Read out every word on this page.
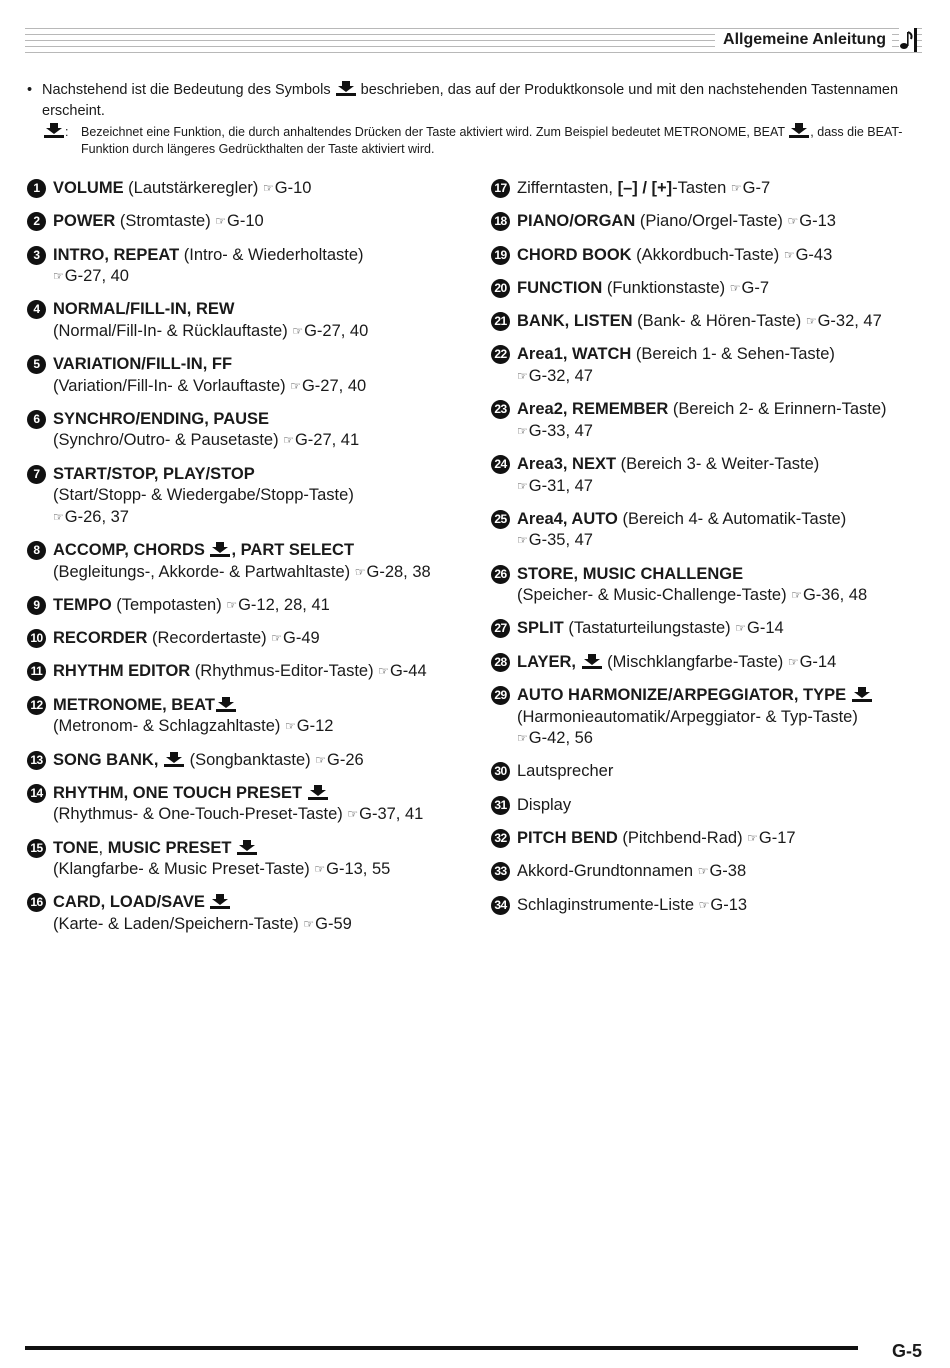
Allgemeine Anleitung
• Nachstehend ist die Bedeutung des Symbols beschrieben, das auf der Produktkonsole und mit den nachstehenden Tastennamen erscheint.
:	Bezeichnet eine Funktion, die durch anhaltendes Drücken der Taste aktiviert wird. Zum Beispiel bedeutet METRONOME, BEAT , dass die BEAT-Funktion durch längeres Gedrückthalten der Taste aktiviert wird.
1 VOLUME (Lautstärkeregler) ☞G-10
2 POWER (Stromtaste) ☞G-10
3 INTRO, REPEAT (Intro- & Wiederholtaste)
☞G-27, 40
4 NORMAL/FILL-IN, REW
(Normal/Fill-In- & Rücklauftaste) ☞G-27, 40
5 VARIATION/FILL-IN, FF
(Variation/Fill-In- & Vorlauftaste) ☞G-27, 40
6 SYNCHRO/ENDING, PAUSE
(Synchro/Outro- & Pausetaste) ☞G-27, 41
7 START/STOP, PLAY/STOP
(Start/Stopp- & Wiedergabe/Stopp-Taste)
☞G-26, 37
8 ACCOMP, CHORDS , PART SELECT
(Begleitungs-, Akkorde- & Partwahltaste) ☞G-28, 38
9 TEMPO (Tempotasten) ☞G-12, 28, 41
10 RECORDER (Recordertaste) ☞G-49
11 RHYTHM EDITOR (Rhythmus-Editor-Taste) ☞G-44
12 METRONOME, BEAT

(Metronom- & Schlagzahltaste) ☞G-12
13 SONG BANK,
(Songbanktaste) ☞G-26
14 RHYTHM, ONE TOUCH PRESET

(Rhythmus- & One-Touch-Preset-Taste) ☞G-37, 41
15 TONE, MUSIC PRESET

(Klangfarbe- & Music Preset-Taste) ☞G-13, 55
16 CARD, LOAD/SAVE

(Karte- & Laden/Speichern-Taste) ☞G-59
17 Zifferntasten, [–] / [+]-Tasten ☞G-7
18 PIANO/ORGAN (Piano/Orgel-Taste) ☞G-13
19 CHORD BOOK (Akkordbuch-Taste) ☞G-43
20 FUNCTION (Funktionstaste) ☞G-7
21 BANK, LISTEN (Bank- & Hören-Taste) ☞G-32, 47
22 Area1, WATCH (Bereich 1- & Sehen-Taste)
☞G-32, 47
23 Area2, REMEMBER (Bereich 2- & Erinnern-Taste)
☞G-33, 47
24 Area3, NEXT (Bereich 3- & Weiter-Taste)
☞G-31, 47
25 Area4, AUTO (Bereich 4- & Automatik-Taste)
☞G-35, 47
26 STORE, MUSIC CHALLENGE
(Speicher- & Music-Challenge-Taste) ☞G-36, 48
27 SPLIT (Tastaturteilungstaste) ☞G-14
28 LAYER,
(Mischklangfarbe-Taste) ☞G-14
29 AUTO HARMONIZE/ARPEGGIATOR, TYPE

(Harmonieautomatik/Arpeggiator- & Typ-Taste)
☞G-42, 56
30 Lautsprecher
31 Display
32 PITCH BEND (Pitchbend-Rad) ☞G-17
33 Akkord-Grundtonnamen ☞G-38
34 Schlaginstrumente-Liste ☞G-13
G-5
